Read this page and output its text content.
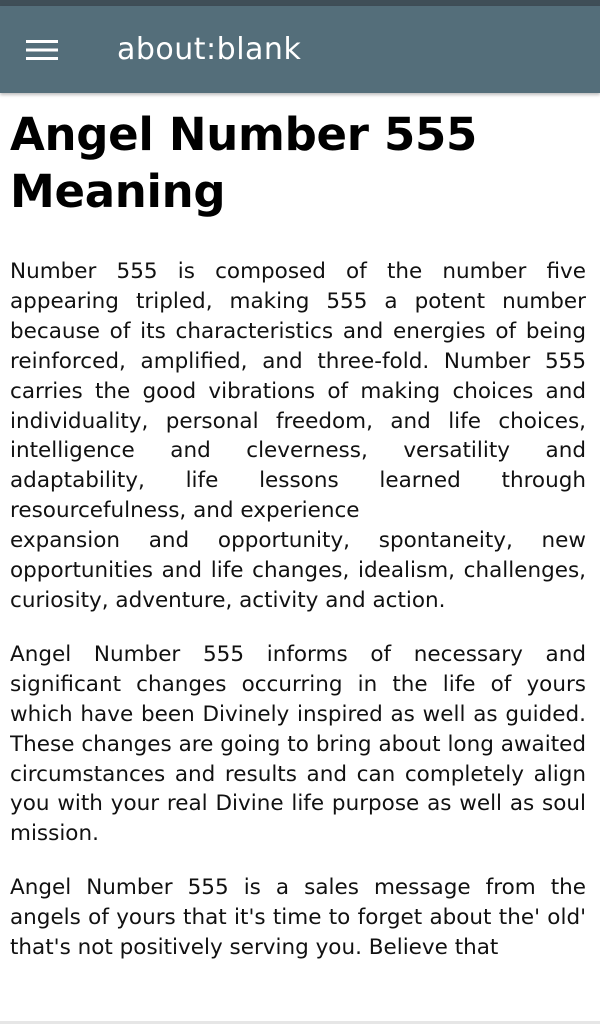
about:blank
Angel Number 555 Meaning

Number 555 is composed of the number five appearing tripled, making 555 a potent number because of its characteristics and energies of being reinforced, amplified, and three-fold. Number 555 carries the good vibrations of making choices and individuality, personal freedom, and life choices, intelligence and cleverness, versatility and adaptability, life lessons learned through resourcefulness, and experience
expansion and opportunity, spontaneity, new opportunities and life changes, idealism, challenges, curiosity, adventure, activity and action.

Angel Number 555 informs of necessary and significant changes occurring in the life of yours which have been Divinely inspired as well as guided. These changes are going to bring about long awaited circumstances and results and can completely align you with your real Divine life purpose as well as soul mission.

Angel Number 555 is a sales message from the angels of yours that it's time to forget about the' old' that's not positively serving you. Believe that
